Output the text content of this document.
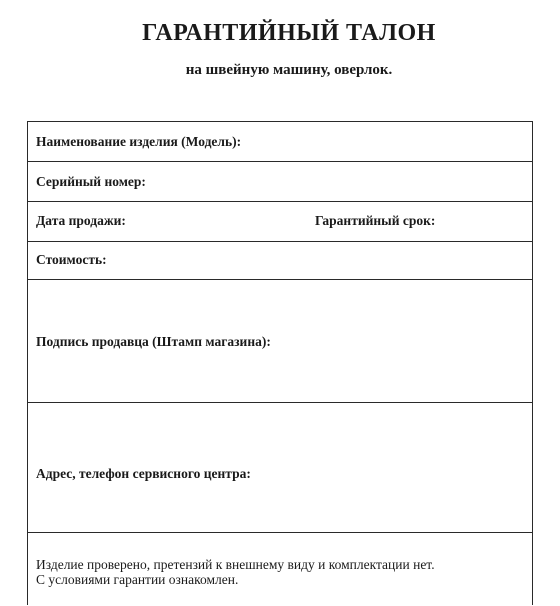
ГАРАНТИЙНЫЙ ТАЛОН

на швейную машину, оверлок.

Наименование изделия (Модель):
Серийный номер:
Дата продажи:	Гарантийный срок:
Стоимость:
Подпись продавца (Штамп магазина):
Адрес, телефон сервисного центра:
Изделие проверено, претензий к внешнему виду и комплектации нет.
С условиями гарантии ознакомлен.
